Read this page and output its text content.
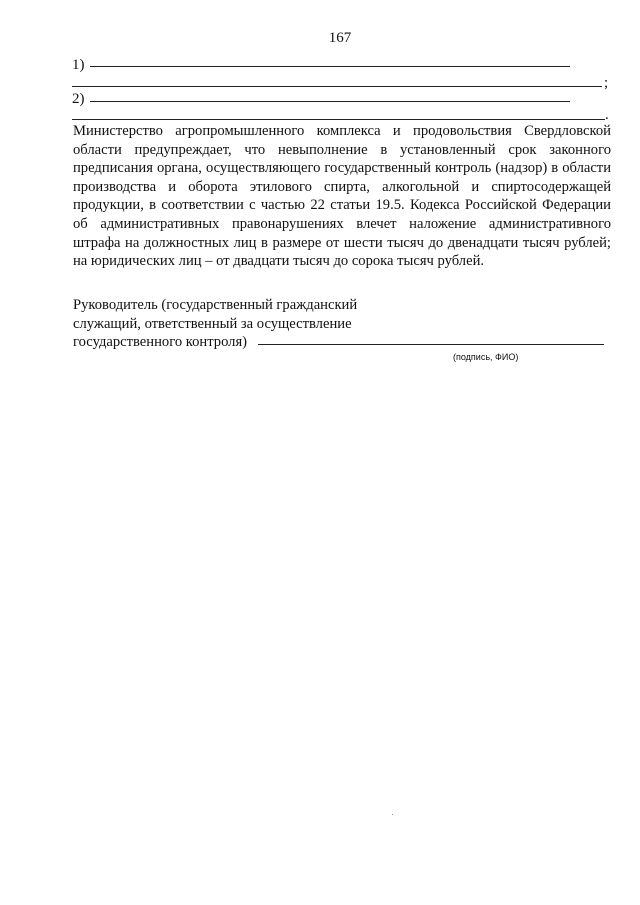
167
1)
;
2)
.
Министерство агропромышленного комплекса и продовольствия Свердловской области предупреждает, что невыполнение в установленный срок законного предписания органа, осуществляющего государственный контроль (надзор) в области производства и оборота этилового спирта, алкогольной и спиртосодержащей продукции, в соответствии с частью 22 статьи 19.5. Кодекса Российской Федерации об административных правонарушениях влечет наложение административного штрафа на должностных лиц в размере от шести тысяч до двенадцати тысяч рублей; на юридических лиц – от двадцати тысяч до сорока тысяч рублей.
Руководитель (государственный гражданский
служащий, ответственный за осуществление
государственного контроля)
(подпись, ФИО)
